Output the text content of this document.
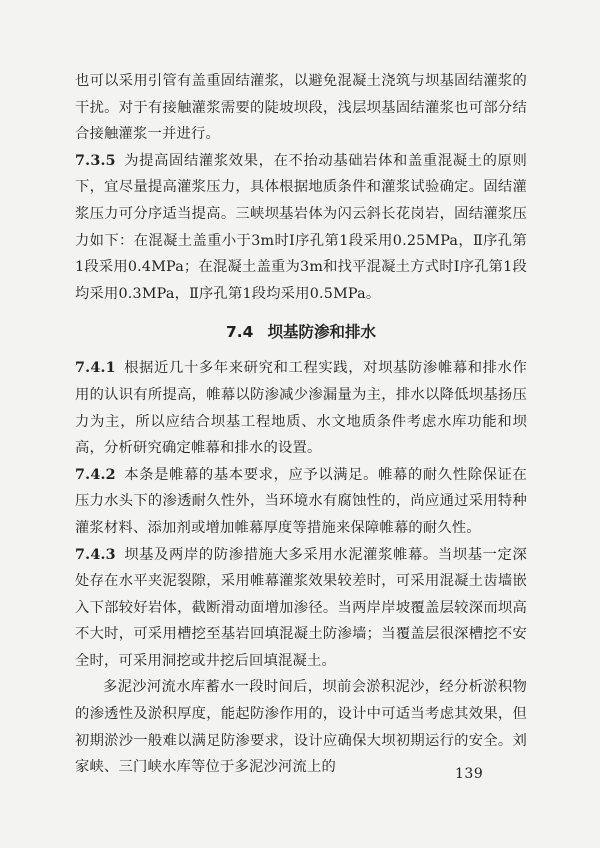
也可以采用引管有盖重固结灌浆，以避免混凝土浇筑与坝基固结灌浆的干扰。对于有接触灌浆需要的陡坡坝段，浅层坝基固结灌浆也可部分结合接触灌浆一并进行。

7.3.5 为提高固结灌浆效果，在不抬动基础岩体和盖重混凝土的原则下，宜尽量提高灌浆压力，具体根据地质条件和灌浆试验确定。固结灌浆压力可分序适当提高。三峡坝基岩体为闪云斜长花岗岩，固结灌浆压力如下：在混凝土盖重小于3m时Ⅰ序孔第1段采用0.25MPa，Ⅱ序孔第1段采用0.4MPa；在混凝土盖重为3m和找平混凝土方式时Ⅰ序孔第1段均采用0.3MPa，Ⅱ序孔第1段均采用0.5MPa。

7.4 坝基防渗和排水

7.4.1 根据近几十多年来研究和工程实践，对坝基防渗帷幕和排水作用的认识有所提高，帷幕以防渗减少渗漏量为主，排水以降低坝基扬压力为主，所以应结合坝基工程地质、水文地质条件考虑水库功能和坝高，分析研究确定帷幕和排水的设置。

7.4.2 本条是帷幕的基本要求，应予以满足。帷幕的耐久性除保证在压力水头下的渗透耐久性外，当环境水有腐蚀性的，尚应通过采用特种灌浆材料、添加剂或增加帷幕厚度等措施来保障帷幕的耐久性。

7.4.3 坝基及两岸的防渗措施大多采用水泥灌浆帷幕。当坝基一定深处存在水平夹泥裂隙，采用帷幕灌浆效果较差时，可采用混凝土齿墙嵌入下部较好岩体，截断滑动面增加渗径。当两岸岸坡覆盖层较深而坝高不大时，可采用槽挖至基岩回填混凝土防渗墙；当覆盖层很深槽挖不安全时，可采用洞挖或井挖后回填混凝土。

多泥沙河流水库蓄水一段时间后，坝前会淤积泥沙，经分析淤积物的渗透性及淤积厚度，能起防渗作用的，设计中可适当考虑其效果，但初期淤沙一般难以满足防渗要求，设计应确保大坝初期运行的安全。刘家峡、三门峡水库等位于多泥沙河流上的	139
